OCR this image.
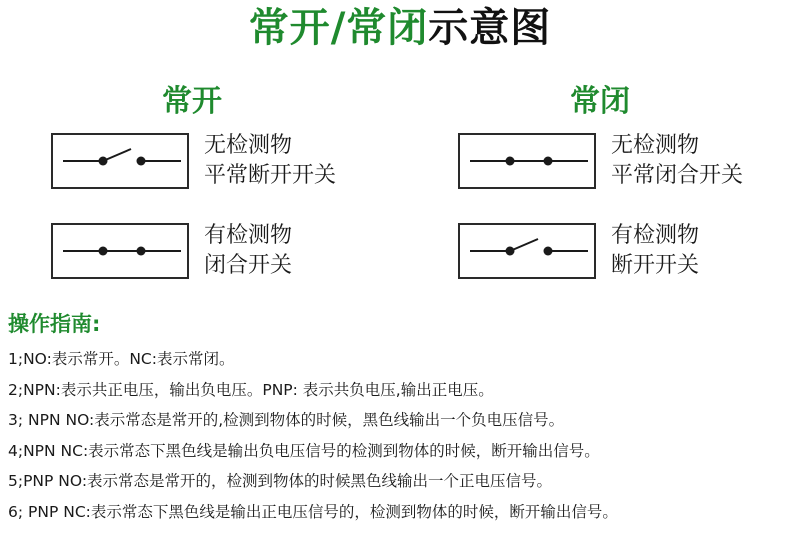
常开/常闭示意图
常开	常闭
无检测物
平常断开开关
有检测物
闭合开关
无检测物
平常闭合开关
有检测物
断开开关
操作指南:
1;NO:表示常开。NC:表示常闭。
2;NPN:表示共正电压，输出负电压。PNP: 表示共负电压,输出正电压。
3; NPN NO:表示常态是常开的,检测到物体的时候，黑色线输出一个负电压信号。
4;NPN NC:表示常态下黑色线是输出负电压信号的检测到物体的时候，断开输出信号。
5;PNP NO:表示常态是常开的，检测到物体的时候黑色线输出一个正电压信号。
6; PNP NC:表示常态下黑色线是输出正电压信号的，检测到物体的时候，断开输出信号。
